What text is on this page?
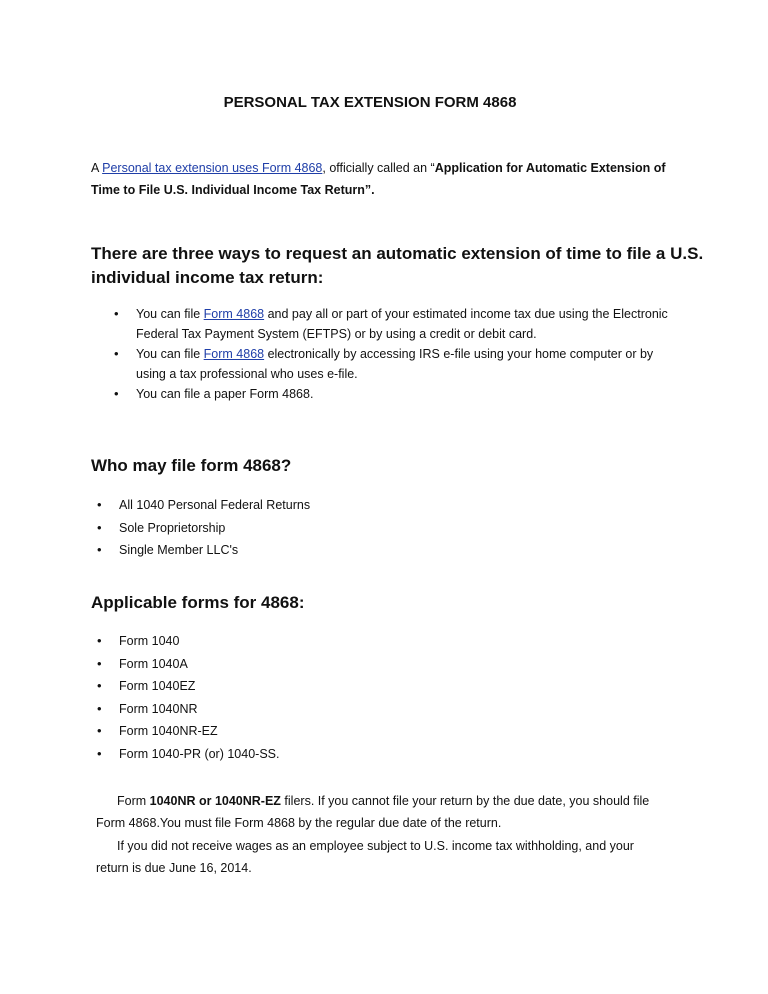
PERSONAL TAX EXTENSION FORM 4868
A Personal tax extension uses Form 4868, officially called an “Application for Automatic Extension of
Time to File U.S. Individual Income Tax Return”.
There are three ways to request an automatic extension of time to file a U.S.
individual income tax return:
• You can file Form 4868 and pay all or part of your estimated income tax due using the Electronic
Federal Tax Payment System (EFTPS) or by using a credit or debit card.
• You can file Form 4868 electronically by accessing IRS e-file using your home computer or by
using a tax professional who uses e-file.
• You can file a paper Form 4868.
Who may file form 4868?
• All 1040 Personal Federal Returns
• Sole Proprietorship
• Single Member LLC's
Applicable forms for 4868:
• Form 1040
• Form 1040A
• Form 1040EZ
• Form 1040NR
• Form 1040NR-EZ
• Form 1040-PR (or) 1040-SS.
Form 1040NR or 1040NR-EZ filers. If you cannot file your return by the due date, you should file
Form 4868.You must file Form 4868 by the regular due date of the return.
If you did not receive wages as an employee subject to U.S. income tax withholding, and your
return is due June 16, 2014.
